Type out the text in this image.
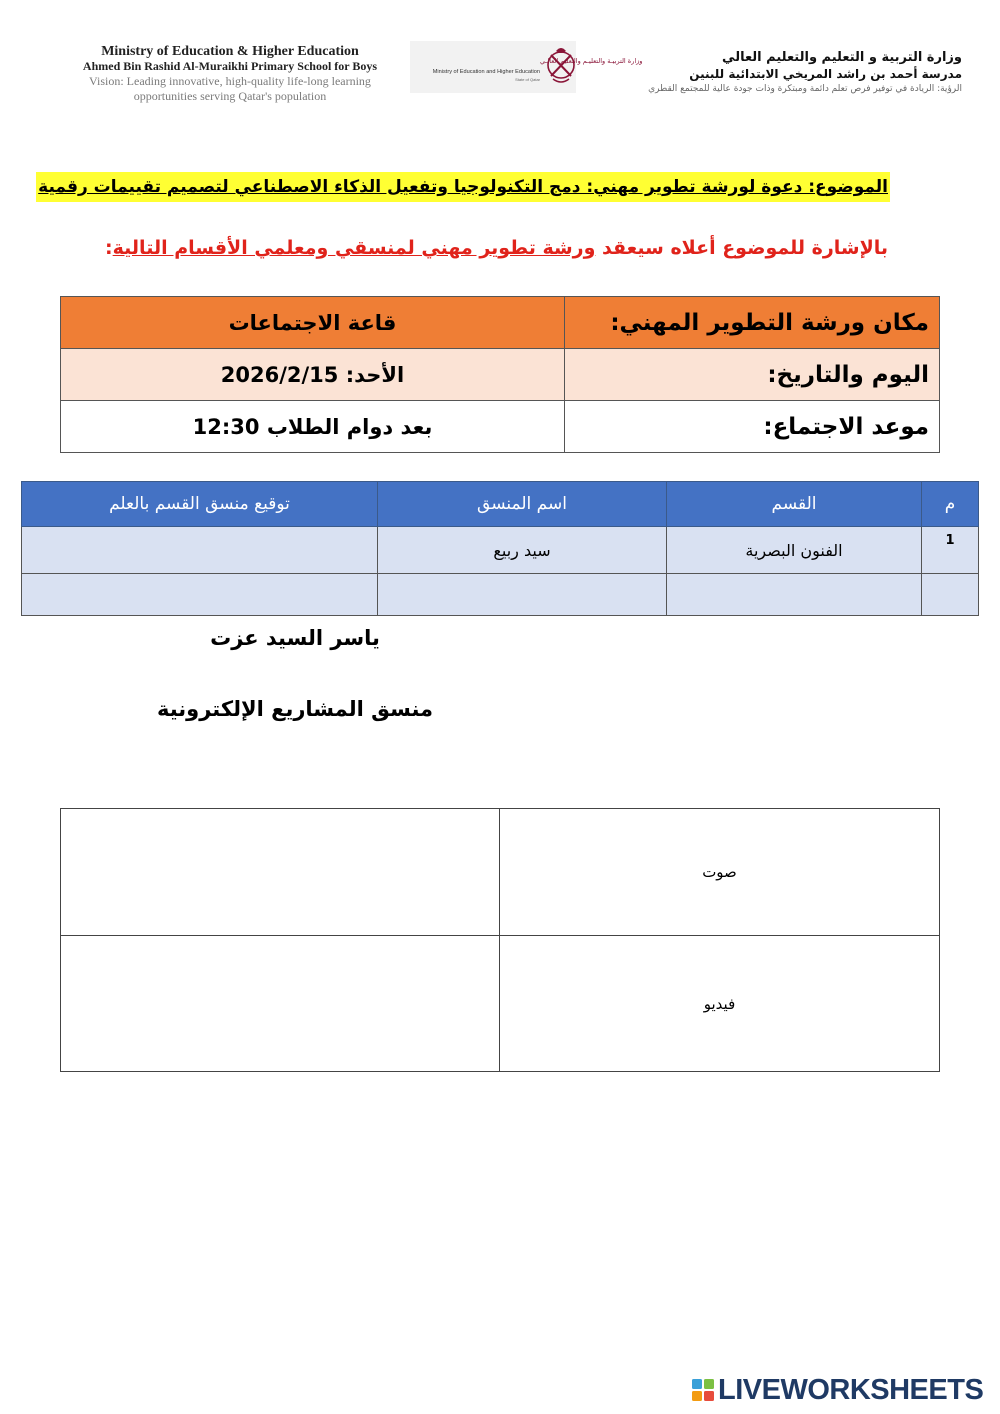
Ministry of Education & Higher Education
Ahmed Bin Rashid Al-Muraikhi Primary School for Boys
Vision: Leading innovative, high-quality life-long learning
opportunities serving Qatar's population
وزارة التربيـة والتعليـم والتعليم العالـي
Ministry of Education and Higher Education
State of Qatar
وزارة التربية و التعليم والتعليم العالي
مدرسة أحمد بن راشد المريخي الابتدائية للبنين
الرؤية: الريادة في توفير فرص تعلم دائمة ومبتكرة وذات جودة عالية للمجتمع القطري
الموضوع: دعوة لورشة تطوير مهني: دمج التكنولوجيا وتفعيل الذكاء الاصطناعي لتصميم تقييمات رقمية
بالإشارة للموضوع أعلاه سيعقد ورشة تطوير مهني لمنسقي ومعلمي الأقسام التالية:
مكان ورشة التطوير المهني:	قاعة الاجتماعات
اليوم والتاريخ:	الأحد: 2026/2/15
موعد الاجتماع:	بعد دوام الطلاب 12:30
م	القسم	اسم المنسق	توقيع منسق القسم بالعلم
1	الفنون البصرية	سيد ربيع	

ياسر السيد عزت
منسق المشاريع الإلكترونية
صوت	
فيديو	
LIVEWORKSHEETS
